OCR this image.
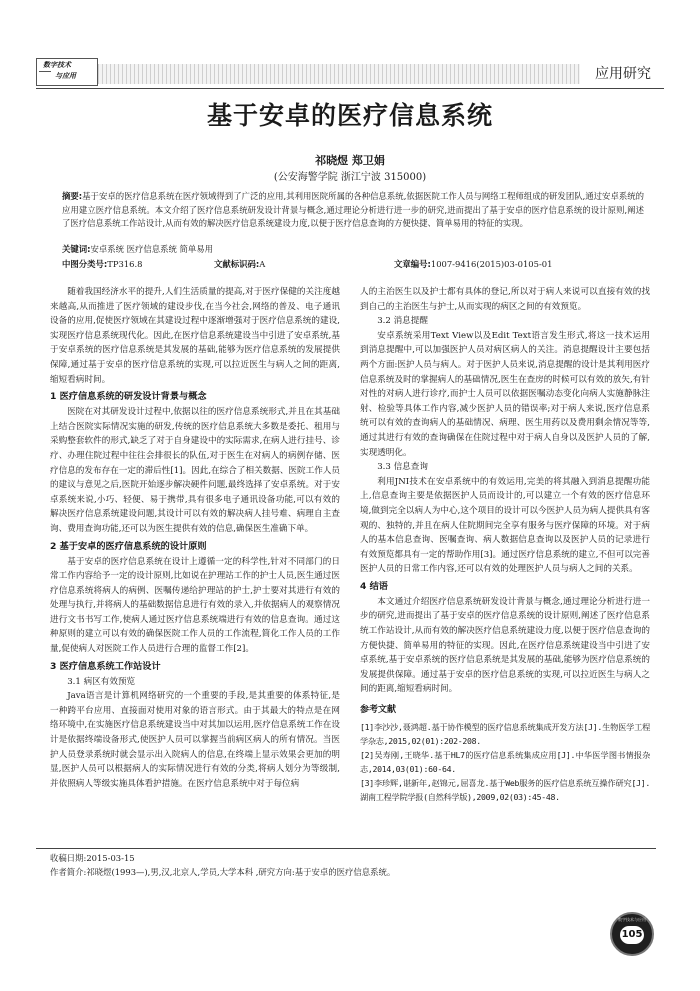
数字技术
与应用	应用研究
基于安卓的医疗信息系统
祁晓煜 郑卫娟
(公安海警学院 浙江宁波 315000)
摘要:基于安卓的医疗信息系统在医疗领域得到了广泛的应用,其利用医院所属的各种信息系统,依据医院工作人员与网络工程师组成的研发团队,通过安卓系统的应用建立医疗信息系统。本文介绍了医疗信息系统研发设计背景与概念,通过理论分析进行进一步的研究,进而提出了基于安卓的医疗信息系统的设计原则,阐述了医疗信息系统工作站设计,从而有效的解决医疗信息系统建设力度,以便于医疗信息查询的方便快捷、简单易用的特征的实现。
关键词:安卓系统 医疗信息系统 简单易用
中图分类号:TP316.8	文献标识码:A	文章编号:1007-9416(2015)03-0105-01

随着我国经济水平的提升,人们生活质量的提高,对于医疗保健的关注度越来越高,从而推进了医疗领域的建设步伐,在当今社会,网络的普及、电子通讯设备的应用,促使医疗领域在其建设过程中逐渐增强对于医疗信息系统的建设,实现医疗信息系统现代化。因此,在医疗信息系统建设当中引进了安卓系统,基于安卓系统的医疗信息系统是其发展的基础,能够为医疗信息系统的发展提供保障,通过基于安卓的医疗信息系统的实现,可以拉近医生与病人之间的距离,缩短看病时间。

1 医疗信息系统的研发设计背景与概念

医院在对其研发设计过程中,依据以往的医疗信息系统形式,并且在其基础上结合医院实际情况实施的研发,传统的医疗信息系统大多数是委托、租用与采购整套软件的形式,缺乏了对于自身建设中的实际需求,在病人进行挂号、诊疗、办理住院过程中往往会排很长的队伍,对于医生在对病人的病例存储、医疗信息的发布存在一定的滞后性[1]。因此,在综合了相关数据、医院工作人员的建议与意见之后,医院开始逐步解决硬件问题,最终选择了安卓系统。对于安卓系统来说,小巧、轻便、易于携带,具有很多电子通讯设备功能,可以有效的解决医疗信息系统建设问题,其设计可以有效的解决病人挂号难、病理自主查询、费用查询功能,还可以为医生提供有效的信息,确保医生准确下单。

2 基于安卓的医疗信息系统的设计原则

基于安卓的医疗信息系统在设计上遵循一定的科学性,针对不同部门的日常工作内容给予一定的设计原则,比如说在护理站工作的护士人员,医生通过医疗信息系统将病人的病例、医嘱传递给护理站的护士,护士要对其进行有效的处理与执行,并将病人的基础数据信息进行有效的录入,并依据病人的观察情况进行文书书写工作,使病人通过医疗信息系统端进行有效的信息查询。通过这种原则的建立可以有效的确保医院工作人员的工作流程,简化工作人员的工作量,促使病人对医院工作人员进行合理的监督工作[2]。

3 医疗信息系统工作站设计
3.1 病区有效预览

Java语言是计算机网络研究的一个重要的手段,是其重要的体系特征,是一种跨平台应用、直接面对使用对象的语言形式。由于其最大的特点是在网络环境中,在实施医疗信息系统建设当中对其加以运用,医疗信息系统工作在设计是依据终端设备形式,使医护人员可以掌握当前病区病人的所有情况。当医护人员登录系统时就会显示出入院病人的信息,在终端上显示效果会更加的明显,医护人员可以根据病人的实际情况进行有效的分类,将病人划分为等级制,并依照病人等级实施具体看护措施。在医疗信息系统中对于每位病

人的主治医生以及护士都有具体的登记,所以对于病人来说可以直接有效的找到自己的主治医生与护士,从而实现的病区之间的有效预览。

3.2 消息提醒

安卓系统采用Text View以及Edit Text语言发生形式,将这一技术运用到消息提醒中,可以加强医护人员对病区病人的关注。消息提醒设计主要包括两个方面:医护人员与病人。对于医护人员来说,消息提醒的设计是其利用医疗信息系统及时的掌握病人的基础情况,医生在查房的时候可以有效的放矢,有针对性的对病人进行诊疗,而护士人员可以依据医嘱动态变化向病人实施静脉注射、检验等具体工作内容,减少医护人员的错误率;对于病人来说,医疗信息系统可以有效的查询病人的基础情况、病理、医生用药以及费用剩余情况等等,通过其进行有效的查询确保在住院过程中对于病人自身以及医护人员的了解,实现透明化。

3.3 信息查询

利用JNI技术在安卓系统中的有效运用,完美的将其融入到消息提醒功能上,信息查询主要是依据医护人员而设计的,可以建立一个有效的医疗信息环境,做到完全以病人为中心,这个项目的设计可以今医护人员为病人提供具有客观的、独特的,并且在病人住院期间完全享有服务与医疗保障的环境。对于病人的基本信息查询、医嘱查询、病人数据信息查询以及医护人员的记录进行有效预览都具有一定的帮助作用[3]。通过医疗信息系统的建立,不但可以完善医护人员的日常工作内容,还可以有效的处理医护人员与病人之间的关系。

4 结语

本文通过介绍医疗信息系统研发设计背景与概念,通过理论分析进行进一步的研究,进而提出了基于安卓的医疗信息系统的设计原则,阐述了医疗信息系统工作站设计,从而有效的解决医疗信息系统建设力度,以便于医疗信息查询的方便快捷、简单易用的特征的实现。因此,在医疗信息系统建设当中引进了安卓系统,基于安卓系统的医疗信息系统是其发展的基础,能够为医疗信息系统的发展提供保障。通过基于安卓的医疗信息系统的实现,可以拉近医生与病人之间的距离,缩短看病时间。

参考文献

[1]李沙沙,聂鸿超.基于协作模型的医疗信息系统集成开发方法[J].生物医学工程学杂志,2015,02(01):202-208.

[2]吴寿刚,王晓华.基于HL7的医疗信息系统集成应用[J].中华医学图书情报杂志,2014,03(01):60-64.

[3]李珍辉,谌新年,赵锦元,屈喜龙.基于Web服务的医疗信息系统互操作研究[J].湖南工程学院学报(自然科学版),2009,02(03):45-48.

收稿日期:2015-03-15
作者简介:祁晓煜(1993—),男,汉,北京人,学员,大学本科 ,研究方向:基于安卓的医疗信息系统。
数字技术与应用
105
